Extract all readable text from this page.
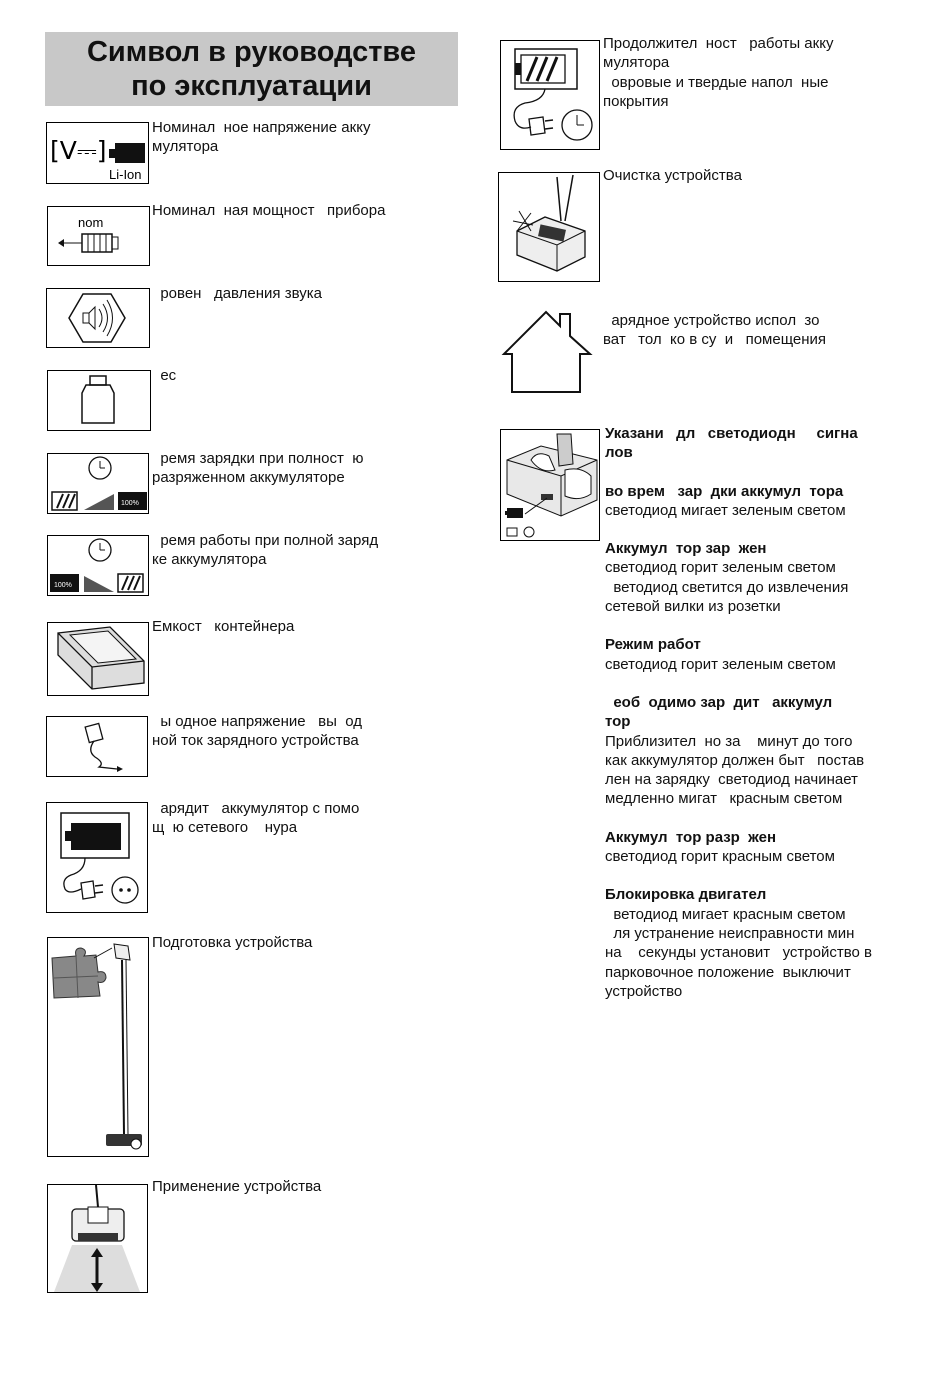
Символ в руководстве
по эксплуатации
[V⎓]
Li-Ion
Номинал  ное напряжение акку
мулятора
nom
Номинал  ная мощност   прибора
ровен   давления звука
ес
100%
ремя зарядки при полност  ю
разряженном аккумуляторе
100%
ремя работы при полной заряд
ке аккумулятора
Емкост   контейнера
ы одное напряжение   вы  од
ной ток зарядного устройства
арядит   аккумулятор с помо
щ  ю сетевого    нура
Подготовка устройства
Применение устройства
Продолжител  ност   работы акку
мулятора
овровые и твердые напол  ные
покрытия
Очистка устройства
арядное устройство испол  зо
ват   тол  ко в су  и   помещения
Указани   дл   светодиодн     сигна
лов
во врем   зар  дки аккумул  тора
светодиод мигает зеленым светом
Аккумул  тор зар  жен
светодиод горит зеленым светом
ветодиод светится до извлечения
сетевой вилки из розетки
Режим работ
светодиод горит зеленым светом
еоб  одимо зар  дит   аккумул
тор
Приблизител  но за    минут до того
как аккумулятор должен быт   постав
лен на зарядку  светодиод начинает
медленно мигат   красным светом
Аккумул  тор разр  жен
светодиод горит красным светом
Блокировка двигател
ветодиод мигает красным светом
ля устранение неисправности мин
на    секунды установит   устройство в
парковочное положение  выключит
устройство
